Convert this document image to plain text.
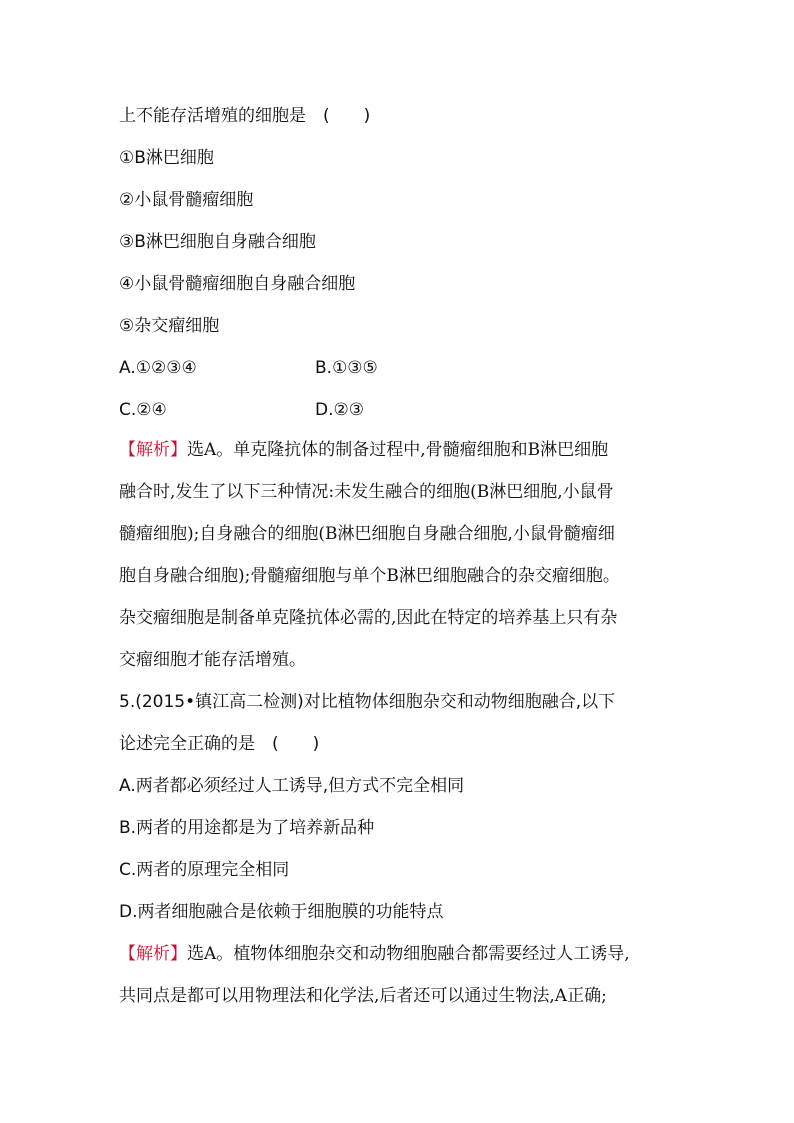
上不能存活增殖的细胞是　(　　)
①B淋巴细胞
②小鼠骨髓瘤细胞
③B淋巴细胞自身融合细胞
④小鼠骨髓瘤细胞自身融合细胞
⑤杂交瘤细胞
A.①②③④	B.①③⑤
C.②④	D.②③
【解析】选A。单克隆抗体的制备过程中,骨髓瘤细胞和B淋巴细胞
融合时,发生了以下三种情况:未发生融合的细胞(B淋巴细胞,小鼠骨
髓瘤细胞);自身融合的细胞(B淋巴细胞自身融合细胞,小鼠骨髓瘤细
胞自身融合细胞);骨髓瘤细胞与单个B淋巴细胞融合的杂交瘤细胞。
杂交瘤细胞是制备单克隆抗体必需的,因此在特定的培养基上只有杂
交瘤细胞才能存活增殖。
5.(2015•镇江高二检测)对比植物体细胞杂交和动物细胞融合,以下
论述完全正确的是　(　　)
A.两者都必须经过人工诱导,但方式不完全相同
B.两者的用途都是为了培养新品种
C.两者的原理完全相同
D.两者细胞融合是依赖于细胞膜的功能特点
【解析】选A。植物体细胞杂交和动物细胞融合都需要经过人工诱导,
共同点是都可以用物理法和化学法,后者还可以通过生物法,A正确;
